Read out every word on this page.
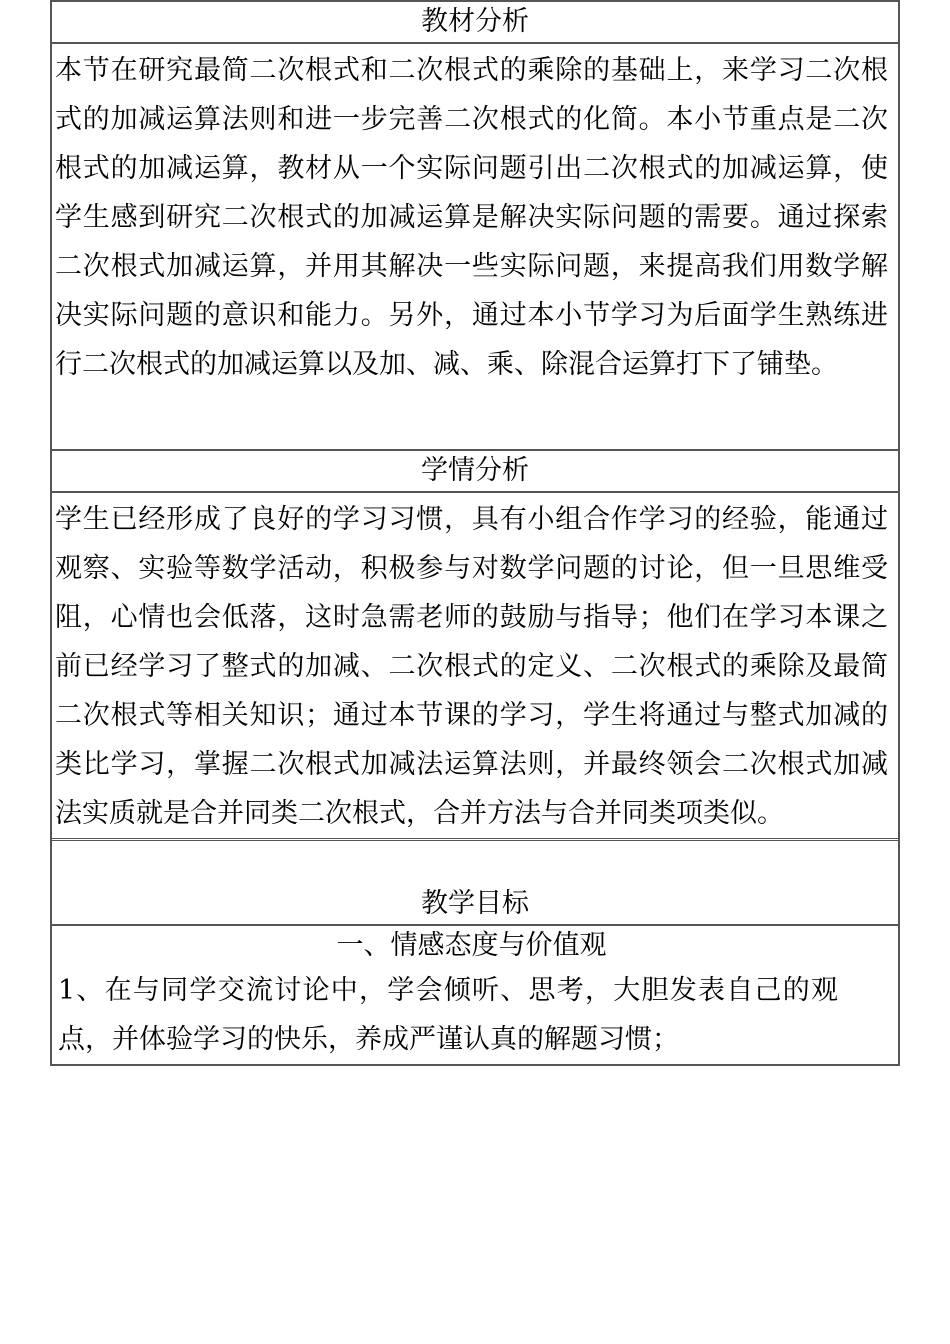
教材分析

本节在研究最简二次根式和二次根式的乘除的基础上，来学习二次根式的加减运算法则和进一步完善二次根式的化简。本小节重点是二次根式的加减运算，教材从一个实际问题引出二次根式的加减运算，使学生感到研究二次根式的加减运算是解决实际问题的需要。通过探索二次根式加减运算，并用其解决一些实际问题，来提高我们用数学解决实际问题的意识和能力。另外，通过本小节学习为后面学生熟练进行二次根式的加减运算以及加、减、乘、除混合运算打下了铺垫。

学情分析

学生已经形成了良好的学习习惯，具有小组合作学习的经验，能通过观察、实验等数学活动，积极参与对数学问题的讨论，但一旦思维受阻，心情也会低落，这时急需老师的鼓励与指导；他们在学习本课之前已经学习了整式的加减、二次根式的定义、二次根式的乘除及最简二次根式等相关知识；通过本节课的学习，学生将通过与整式加减的类比学习，掌握二次根式加减法运算法则，并最终领会二次根式加减法实质就是合并同类二次根式，合并方法与合并同类项类似。

教学目标

一、情感态度与价值观

1、在与同学交流讨论中，学会倾听、思考，大胆发表自己的观点，并体验学习的快乐，养成严谨认真的解题习惯；
